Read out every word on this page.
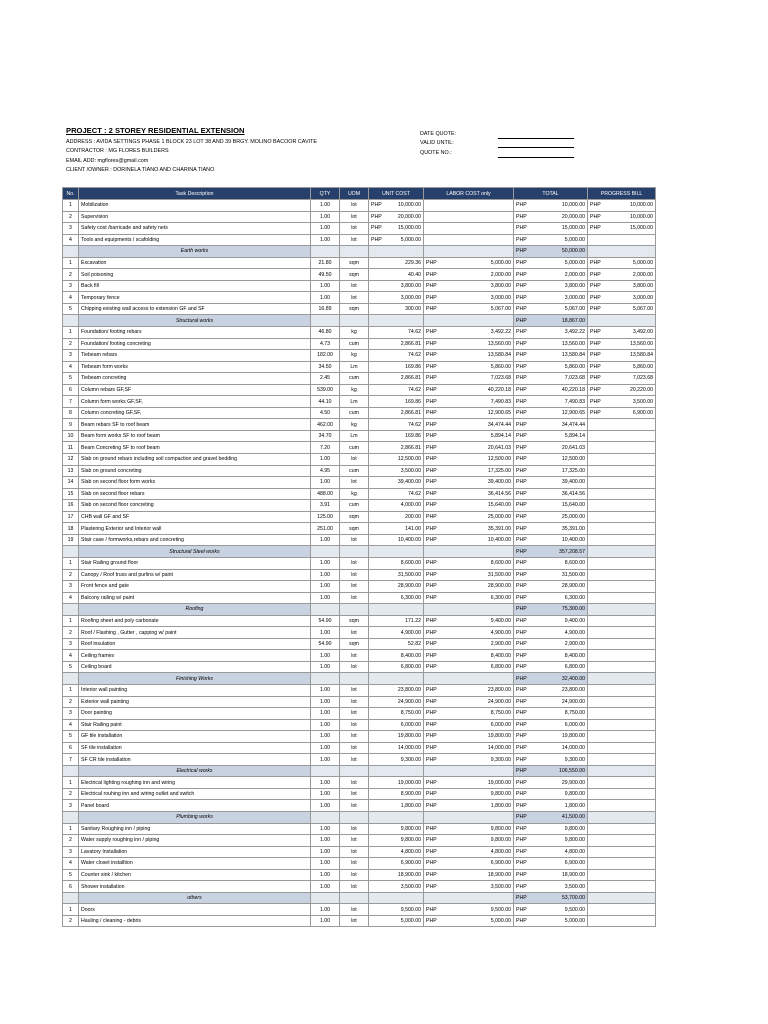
PROJECT : 2 STOREY RESIDENTIAL EXTENSION
ADDRESS : AVIDA SETTINGS PHASE 1 BLOCK 23 LOT 38 AND 39 BRGY. MOLINO BACOOR CAVITE
CONTRACTOR : MG FLORES BUILDERS
EMAIL ADD: mgflores@gmail.com
CLIENT /OWNER : DORINELA TIANO AND CHARINA TIANO
DATE QUOTE:
VALID UNTIL:
QUOTE NO.:
No.	Task Description	QTY	UOM	UNIT COST		LABOR COST only		TOTAL		PROGRESS BILL	
1	Mobilization	1.00	lot	PHP	10,000.00			PHP	10,000.00	PHP	10,000.00
2	Supervision	1.00	lot	PHP	20,000.00			PHP	20,000.00	PHP	10,000.00
3	Safety cost /barricade and safety nets	1.00	lot	PHP	15,000.00			PHP	15,000.00	PHP	15,000.00
4	Tools and equipments / scafolding	1.00	lot	PHP	5,000.00			PHP	5,000.00		
	Earth works							PHP	50,000.00		
1	Excavation	21.80	sqm		229.36	PHP	5,000.00	PHP	5,000.00	PHP	5,000.00
2	Soil poisoning	49.50	sqm		40.40	PHP	2,000.00	PHP	2,000.00	PHP	2,000.00
3	Back fill	1.00	lot		3,800.00	PHP	3,800.00	PHP	3,800.00	PHP	3,800.00
4	Temporary fence	1.00	lot		3,000.00	PHP	3,000.00	PHP	3,000.00	PHP	3,000.00
5	Chipping existing wall access to extension GF and SF	16.89	sqm		300.00	PHP	5,067.00	PHP	5,067.00	PHP	5,067.00
	Structural works							PHP	18,867.00		
1	Foundation/ footing rebars	46.80	kg		74.62	PHP	3,492.22	PHP	3,492.22	PHP	3,492.00
2	Foundation/ footing concreting	4.73	cum		2,866.81	PHP	13,560.00	PHP	13,560.00	PHP	13,560.00
3	Tiebeam rebars	182.00	kg		74.62	PHP	13,580.84	PHP	13,580.84	PHP	13,580.84
4	Tiebeam form works	34.50	Lm		169.86	PHP	5,860.00	PHP	5,860.00	PHP	5,860.00
5	Tiebeam concreting	2.45	cum		2,866.81	PHP	7,023.68	PHP	7,023.68	PHP	7,023.68
6	Column rebars GF,SF	539.00	kg		74.62	PHP	40,220.18	PHP	40,220.18	PHP	20,220.00
7	Column form works GF,SF,	44.10	Lm		169.86	PHP	7,490.83	PHP	7,490.83	PHP	3,500.00
8	Column concreting GF,SF,	4.50	cum		2,866.81	PHP	12,900.65	PHP	12,900.65	PHP	6,900.00
9	Beam rebars SF to roof beam	462.00	kg		74.62	PHP	34,474.44	PHP	34,474.44		
10	Beam form works SF to roof beam	34.70	Lm		169.86	PHP	5,894.14	PHP	5,894.14		
11	Beam Concreting SF to roof beam	7.20	cum		2,866.81	PHP	20,641.03	PHP	20,641.03		
12	Slab on ground rebars including soil compaction and gravel bedding	1.00	lot		12,500.00	PHP	12,500.00	PHP	12,500.00		
13	Slab on ground concreting	4.95	cum		3,500.00	PHP	17,325.00	PHP	17,325.00		
14	Slab on second floor form works	1.00	lot		39,400.00	PHP	39,400.00	PHP	39,400.00		
15	Slab on second floor rebars	488.00	kg		74.62	PHP	36,414.56	PHP	36,414.56		
16	Slab on second floor concreting	3.91	cum		4,000.00	PHP	15,640.00	PHP	15,640.00		
17	CHB wall GF and SF	125.00	sqm		200.00	PHP	25,000.00	PHP	25,000.00		
18	Plastering Exterior and Interior wall	251.00	sqm		141.00	PHP	35,391.00	PHP	35,391.00		
19	Stair case / formworks,rebars and concreting	1.00	lot		10,400.00	PHP	10,400.00	PHP	10,400.00		
	Structural Steel works							PHP	357,208.57		
1	Stair Railing ground floor	1.00	lot		8,600.00	PHP	8,600.00	PHP	8,600.00		
2	Canopy / Roof truss and purlins w/ paint	1.00	lot		31,500.00	PHP	31,500.00	PHP	31,500.00		
3	Front fence and gate	1.00	lot		28,900.00	PHP	28,900.00	PHP	28,900.00		
4	Balcony railing w/ paint	1.00	lot		6,300.00	PHP	6,300.00	PHP	6,300.00		
	Roofing							PHP	75,300.00		
1	Roofing sheet and poly carbonate	54.90	sqm		171.22	PHP	9,400.00	PHP	9,400.00		
2	Roof / Flashing , Gutter , capping w/ paint	1.00	lot		4,900.00	PHP	4,900.00	PHP	4,900.00		
3	Roof insulation	54.90	sqm		52.82	PHP	2,900.00	PHP	2,900.00		
4	Ceiling frames	1.00	lot		8,400.00	PHP	8,400.00	PHP	8,400.00		
5	Ceiling board	1.00	lot		6,800.00	PHP	6,800.00	PHP	6,800.00		
	Finishing Works							PHP	32,400.00		
1	Interior wall painting	1.00	lot		23,800.00	PHP	23,800.00	PHP	23,800.00		
2	Exterior wall painting	1.00	lot		24,900.00	PHP	24,900.00	PHP	24,900.00		
3	Door painting	1.00	lot		8,750.00	PHP	8,750.00	PHP	8,750.00		
4	Stair Railing paint	1.00	lot		6,000.00	PHP	6,000.00	PHP	6,000.00		
5	GF tile installation	1.00	lot		19,800.00	PHP	19,800.00	PHP	19,800.00		
6	SF tile installation	1.00	lot		14,000.00	PHP	14,000.00	PHP	14,000.00		
7	SF CR tile installation	1.00	lot		9,300.00	PHP	9,300.00	PHP	9,300.00		
	Electrical works							PHP	106,550.00		
1	Electrical lighting roughing inn and wiring	1.00	lot		19,000.00	PHP	19,000.00	PHP	29,900.00		
2	Electrical rouhing inn and wiring outlet and switch	1.00	lot		8,900.00	PHP	9,800.00	PHP	9,800.00		
3	Panel board	1.00	lot		1,800.00	PHP	1,800.00	PHP	1,800.00		
	Plumbing works							PHP	41,500.00		
1	Sanitary Roughing inn / piping	1.00	lot		9,800.00	PHP	9,800.00	PHP	9,800.00		
2	Water supply roughing inn / piping	1.00	lot		9,800.00	PHP	9,800.00	PHP	9,800.00		
3	Lavatory Installation	1.00	lot		4,800.00	PHP	4,800.00	PHP	4,800.00		
4	Water closet installtion	1.00	lot		6,900.00	PHP	6,900.00	PHP	6,900.00		
5	Counter sink / kitchen	1.00	lot		18,900.00	PHP	18,900.00	PHP	18,900.00		
6	Shower installation	1.00	lot		3,500.00	PHP	3,500.00	PHP	3,500.00		
	others							PHP	53,700.00		
1	Doors	1.00	lot		9,500.00	PHP	9,500.00	PHP	9,500.00		
2	Hauling / cleaning - debris	1.00	lot		5,000.00	PHP	5,000.00	PHP	5,000.00		
